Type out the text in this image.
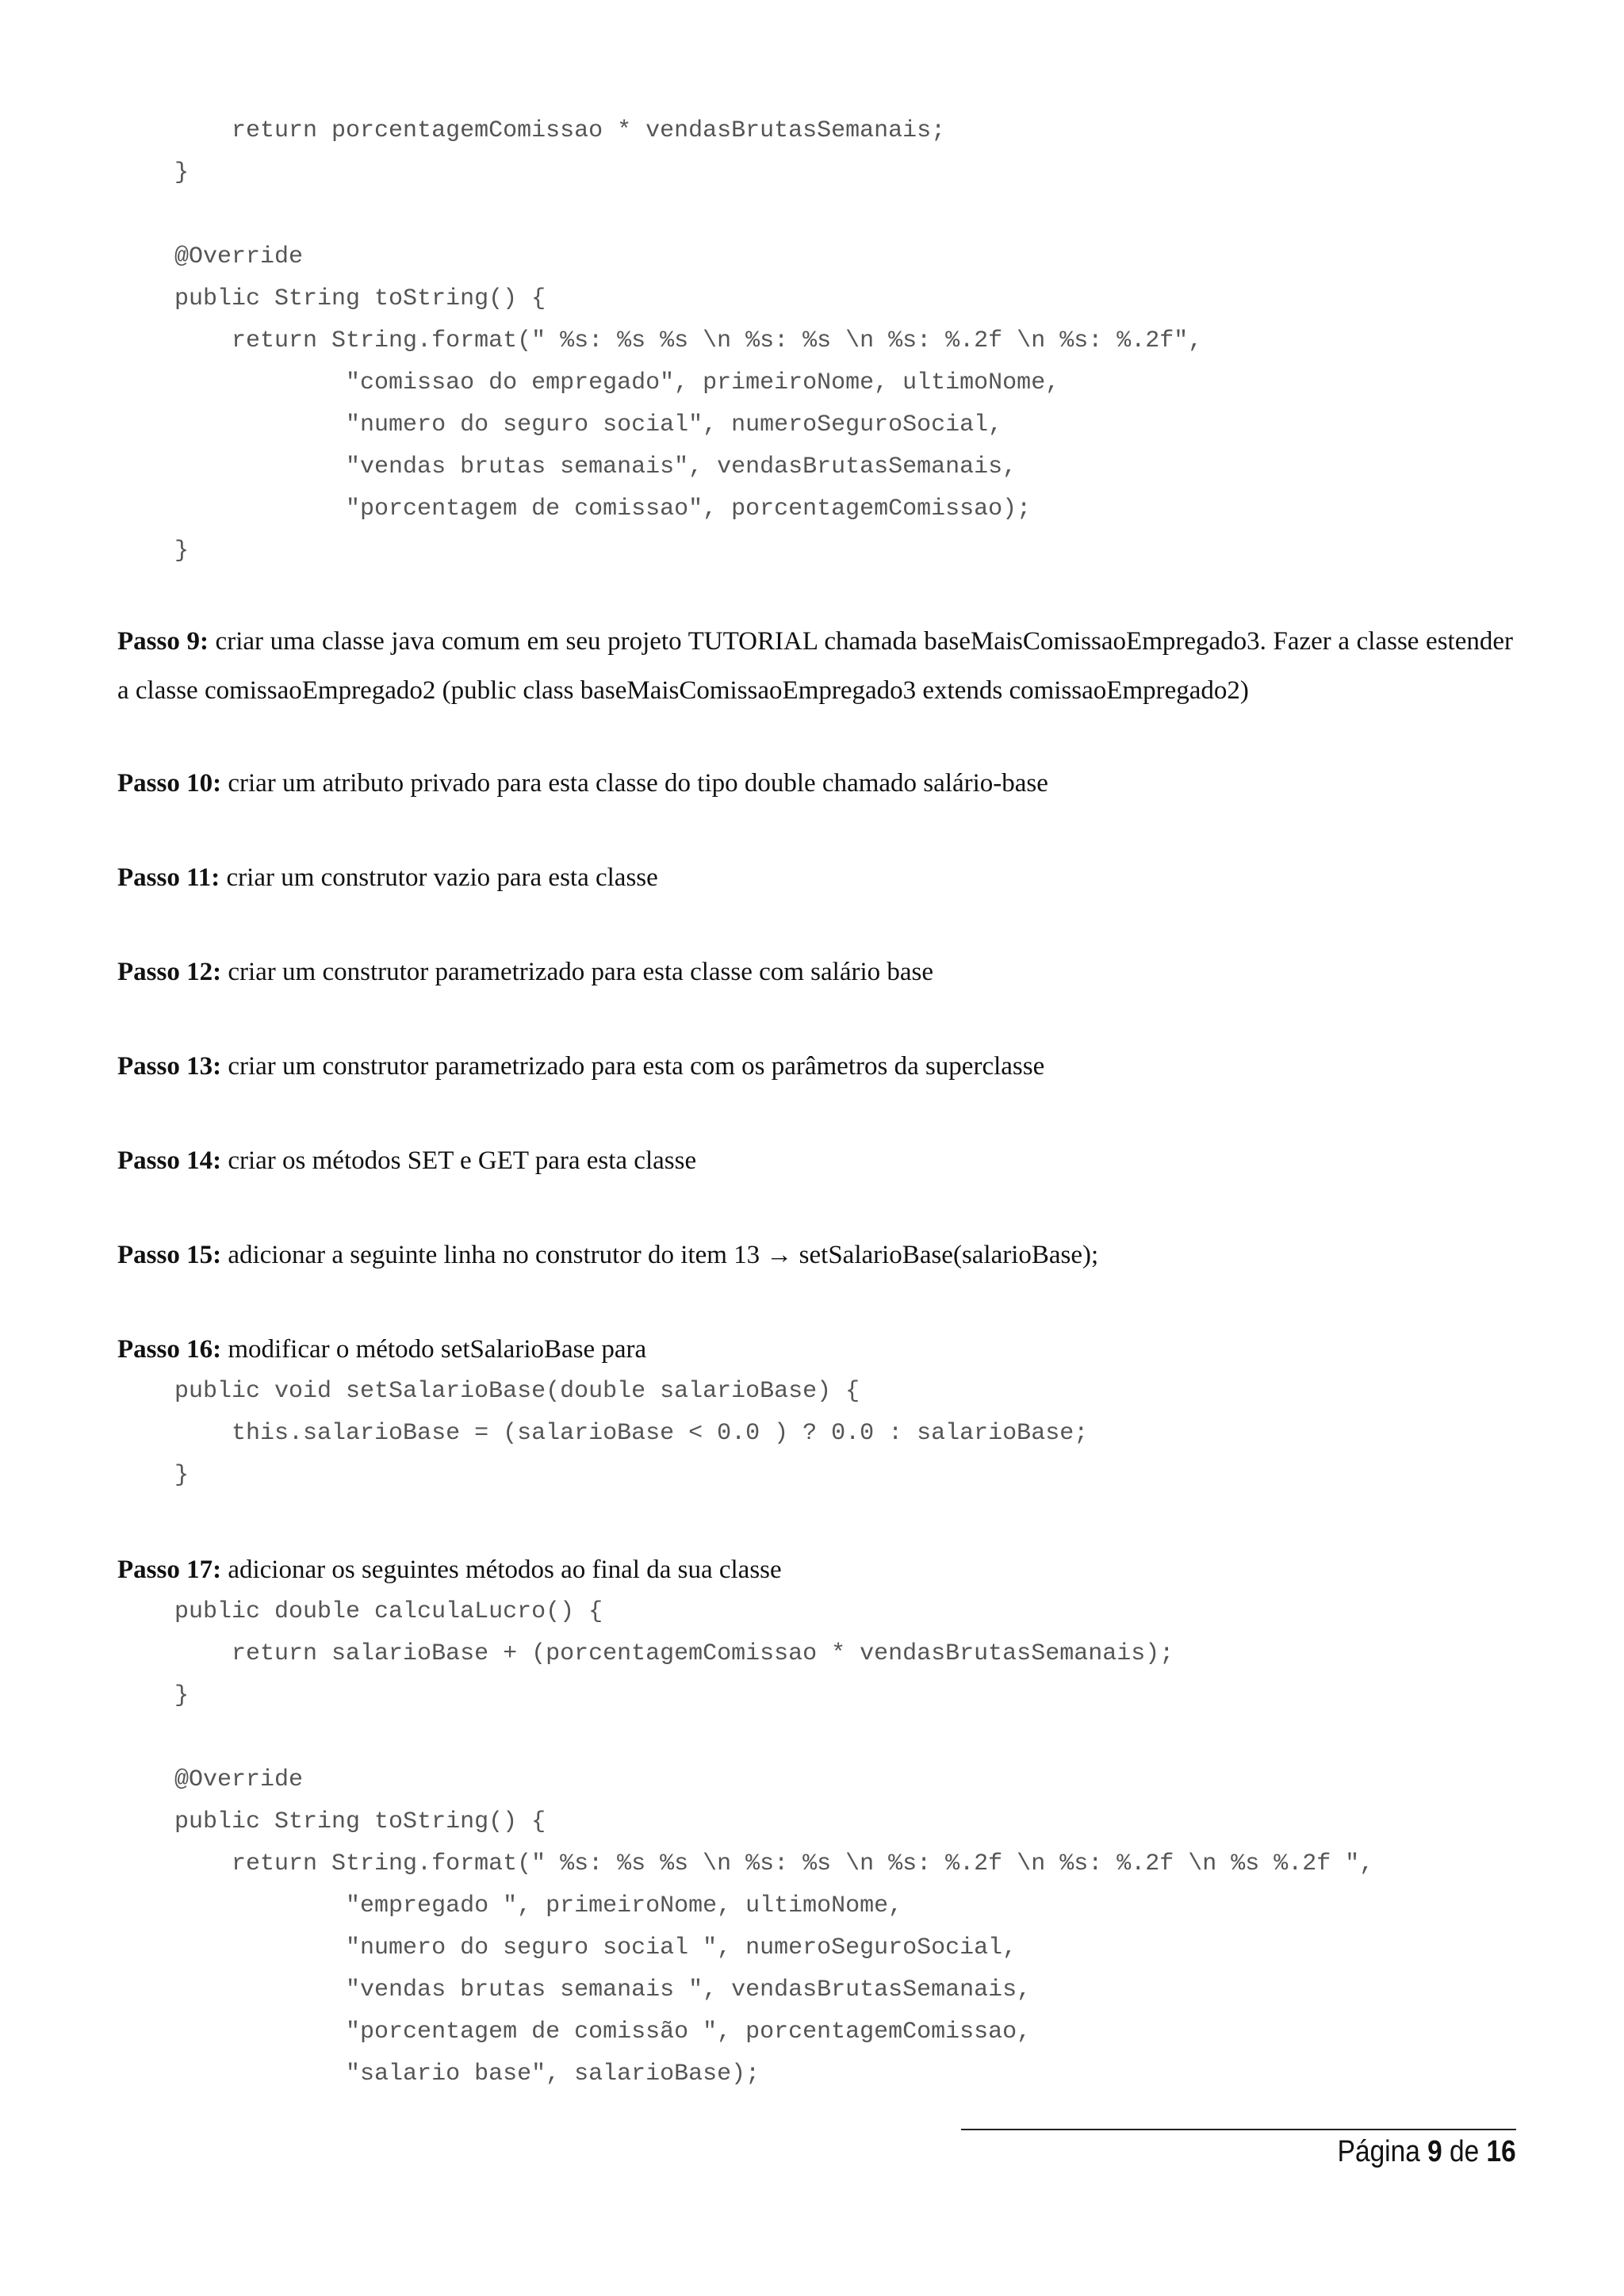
return porcentagemComissao * vendasBrutasSemanais;

}

@Override

public String toString() {

return String.format(" %s: %s %s \n %s: %s \n %s: %.2f \n %s: %.2f",

"comissao do empregado", primeiroNome, ultimoNome,

"numero do seguro social", numeroSeguroSocial,

"vendas brutas semanais", vendasBrutasSemanais,

"porcentagem de comissao", porcentagemComissao);

}

Passo 9: criar uma classe java comum em seu projeto TUTORIAL chamada baseMaisComissaoEmpregado3. Fazer a classe estender a classe comissaoEmpregado2 (public class baseMaisComissaoEmpregado3 extends comissaoEmpregado2)

Passo 10: criar um atributo privado para esta classe do tipo double chamado salário-base

Passo 11: criar um construtor vazio para esta classe

Passo 12: criar um construtor parametrizado para esta classe com salário base

Passo 13: criar um construtor parametrizado para esta com os parâmetros da superclasse

Passo 14: criar os métodos SET e GET para esta classe

Passo 15: adicionar a seguinte linha no construtor do item 13 → setSalarioBase(salarioBase);

Passo 16: modificar o método setSalarioBase para

public void setSalarioBase(double salarioBase) {

this.salarioBase = (salarioBase < 0.0 ) ? 0.0 : salarioBase;

}

Passo 17: adicionar os seguintes métodos ao final da sua classe

public double calculaLucro() {

return salarioBase + (porcentagemComissao * vendasBrutasSemanais);

}

@Override

public String toString() {

return String.format(" %s: %s %s \n %s: %s \n %s: %.2f \n %s: %.2f \n %s %.2f ",

"empregado ", primeiroNome, ultimoNome,

"numero do seguro social ", numeroSeguroSocial,

"vendas brutas semanais ", vendasBrutasSemanais,

"porcentagem de comissão ", porcentagemComissao,

"salario base", salarioBase);

Página 9 de 16
